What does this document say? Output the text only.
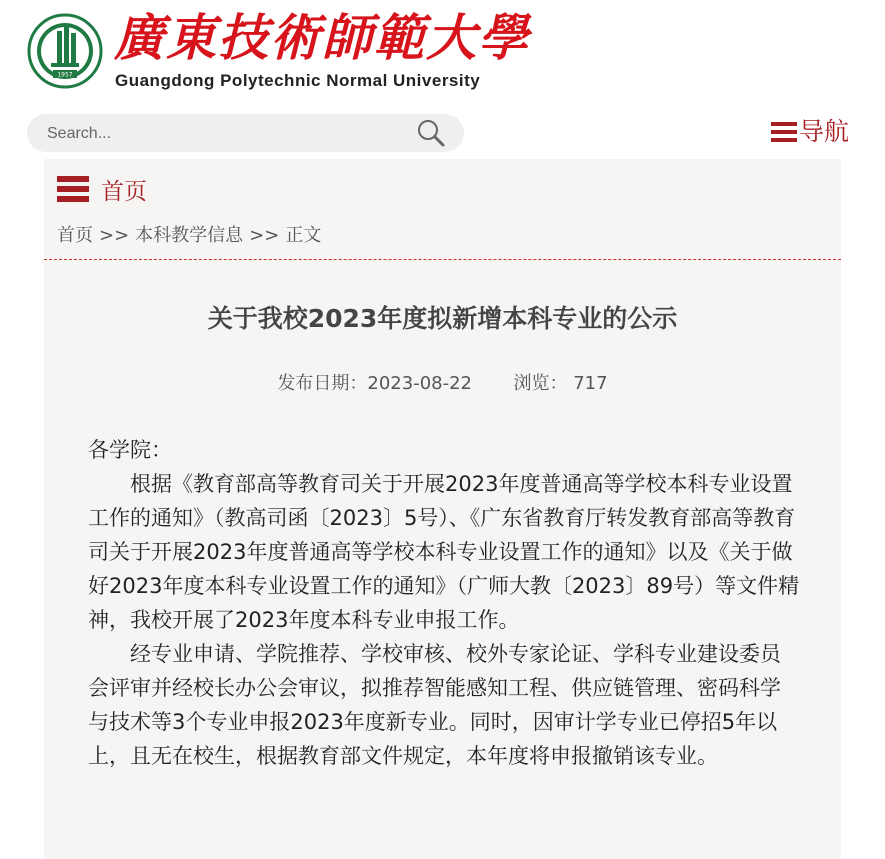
1957
廣東技術師範大學
Guangdong Polytechnic Normal University
Search...
导航
首页
首页 >> 本科教学信息 >> 正文
关于我校2023年度拟新增本科专业的公示
发布日期：2023-08-22 浏览： 717

各学院：

根据《教育部高等教育司关于开展2023年度普通高等学校本科专业设置工作的通知》（教高司函〔2023〕5号）、《广东省教育厅转发教育部高等教育司关于开展2023年度普通高等学校本科专业设置工作的通知》以及《关于做好2023年度本科专业设置工作的通知》（广师大教〔2023〕89号）等文件精神，我校开展了2023年度本科专业申报工作。

经专业申请、学院推荐、学校审核、校外专家论证、学科专业建设委员会评审并经校长办公会审议，拟推荐智能感知工程、供应链管理、密码科学与技术等3个专业申报2023年度新专业。同时，因审计学专业已停招5年以上，且无在校生，根据教育部文件规定，本年度将申报撤销该专业。
